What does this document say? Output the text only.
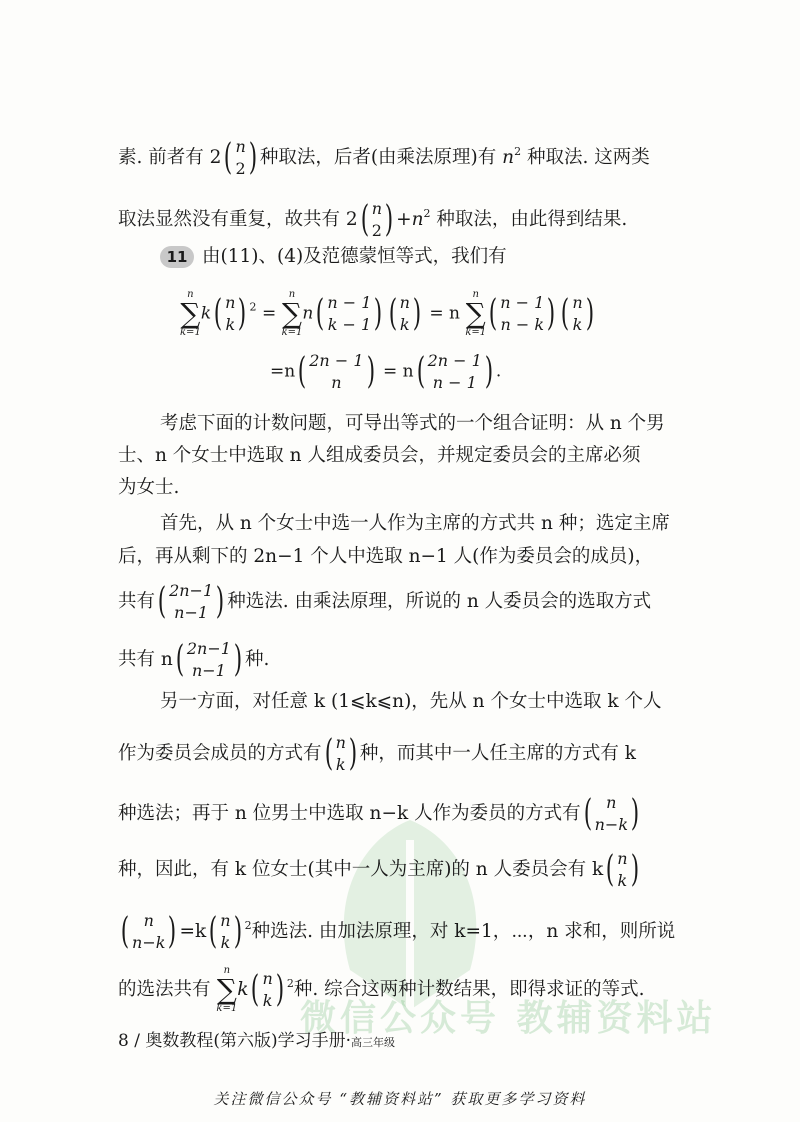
微信公众号 教辅资料站
素. 前者有 2 ( n
2 ) 种取法，后者(由乘法原理)有 $n^2$ 种取法. 这两类
取法显然没有重复，故共有 2 ( n
2 ) $+n^2$ 种取法，由此得到结果.
11 由(11)、(4)及范德蒙恒等式，我们有
n
∑
k=1
k ( n
k ) $^2$ =
n
∑
k=1
n ( n − 1
k − 1 ) ( n
k ) = n
n
∑
k=1 ( n − 1
n − k ) ( n
k )
=n ( 2n − 1
n ) = n ( 2n − 1
n − 1 ) .
考虑下面的计数问题，可导出等式的一个组合证明：从 n 个男
士、n 个女士中选取 n 人组成委员会，并规定委员会的主席必须
为女士.
首先，从 n 个女士中选一人作为主席的方式共 n 种；选定主席
后，再从剩下的 2n−1 个人中选取 n−1 人(作为委员会的成员)，
共有 ( 2n−1
n−1 ) 种选法. 由乘法原理，所说的 n 人委员会的选取方式
共有 n ( 2n−1
n−1 ) 种.
另一方面，对任意 k (1⩽k⩽n)，先从 n 个女士中选取 k 个人
作为委员会成员的方式有 ( n
k ) 种，而其中一人任主席的方式有 k
种选法；再于 n 位男士中选取 n−k 人作为委员的方式有 ( n
n−k )
种，因此，有 k 位女士(其中一人为主席)的 n 人委员会有 k ( n
k )
( n
n−k ) =k ( n
k ) $^2$种选法. 由加法原理，对 k=1，⋯，n 求和，则所说
的选法共有
n
∑
k=1
k ( n
k ) $^2$种. 综合这两种计数结果，即得求证的等式.
8 / 奥数教程(第六版)学习手册·高三年级
关注微信公众号 “教辅资料站” 获取更多学习资料
